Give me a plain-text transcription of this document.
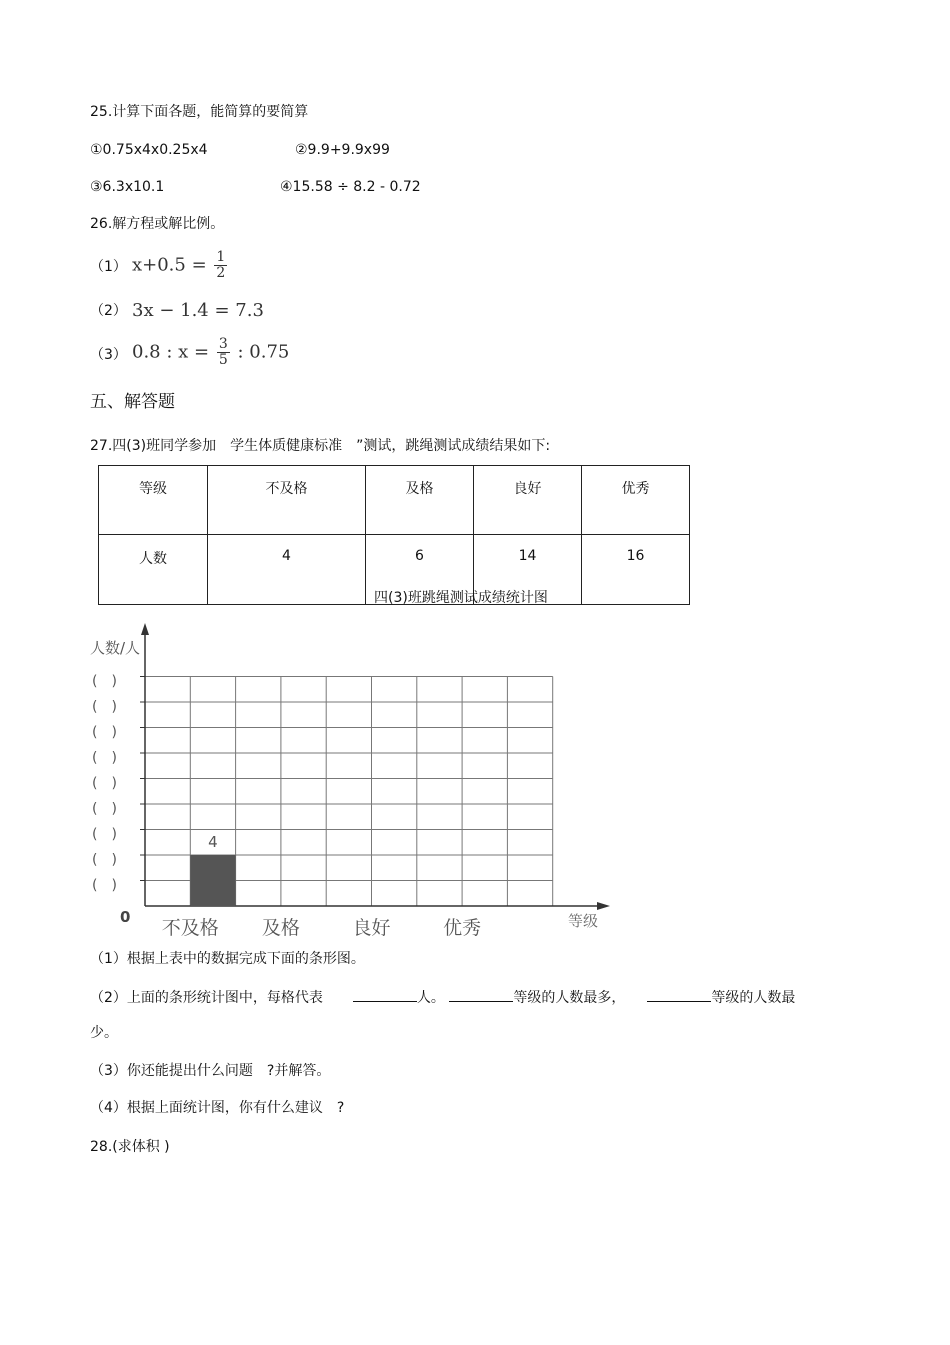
25.计算下面各题，能简算的要简算
①0.75x4x0.25x4	②9.9+9.9x99
③6.3x10.1	④15.58 ÷ 8.2 - 0.72
26.解方程或解比例。
（1） $x+0.5 = \frac{1}{2}$
（2） 3x − 1.4 = 7.3
（3） 0.8 : $x = \frac{3}{5}$ : 0.75
五、解答题
27.四(3)班同学参加　学生体质健康标准　”测试，跳绳测试成绩结果如下:
等级	不及格	及格	良好	优秀
人数	4	6	14	16
四(3)班跳绳测试成绩统计图
人数/人
(　)
(　)
(　)
(　)
(　)
(　)
(　)
(　)
(　)
0 不及格
4
及格	良好	优秀	等级
（1）根据上表中的数据完成下面的条形图。
（2）上面的条形统计图中，每格代表	人。	等级的人数最多，	等级的人数最
少。
（3）你还能提出什么问题　?并解答。
（4）根据上面统计图，你有什么建议　?
28.(求体积 )
